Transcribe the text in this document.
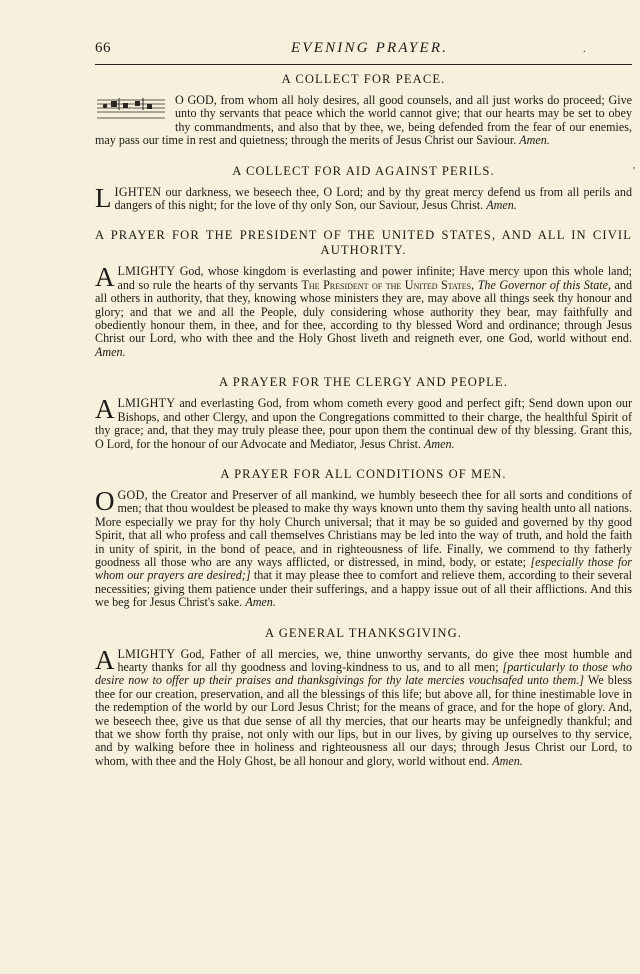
66	EVENING PRAYER.	.
A COLLECT FOR PEACE.

O GOD, from whom all holy desires, all good counsels, and all just works do proceed; Give unto thy servants that peace which the world cannot give; that our hearts may be set to obey thy commandments, and also that by thee, we, being defended from the fear of our enemies, may pass our time in rest and quietness; through the merits of Jesus Christ our Saviour. Amen.

A COLLECT FOR AID AGAINST PERILS.	'

L IGHTEN our darkness, we beseech thee, O Lord; and by thy great mercy defend us from all perils and dangers of this night; for the love of thy only Son, our Saviour, Jesus Christ. Amen.

A PRAYER FOR THE PRESIDENT OF THE UNITED STATES, AND ALL IN CIVIL AUTHORITY.

A LMIGHTY God, whose kingdom is everlasting and power infinite; Have mercy upon this whole land; and so rule the hearts of thy servants The President of the United States, The Governor of this State, and all others in authority, that they, knowing whose ministers they are, may above all things seek thy honour and glory; and that we and all the People, duly considering whose authority they bear, may faithfully and obediently honour them, in thee, and for thee, according to thy blessed Word and ordinance; through Jesus Christ our Lord, who with thee and the Holy Ghost liveth and reigneth ever, one God, world without end. Amen.

A PRAYER FOR THE CLERGY AND PEOPLE.

A LMIGHTY and everlasting God, from whom cometh every good and perfect gift; Send down upon our Bishops, and other Clergy, and upon the Congregations committed to their charge, the healthful Spirit of thy grace; and, that they may truly please thee, pour upon them the continual dew of thy blessing. Grant this, O Lord, for the honour of our Advocate and Mediator, Jesus Christ. Amen.

A PRAYER FOR ALL CONDITIONS OF MEN.

O GOD, the Creator and Preserver of all mankind, we humbly beseech thee for all sorts and conditions of men; that thou wouldest be pleased to make thy ways known unto them thy saving health unto all nations. More especially we pray for thy holy Church universal; that it may be so guided and governed by thy good Spirit, that all who profess and call themselves Christians may be led into the way of truth, and hold the faith in unity of spirit, in the bond of peace, and in righteousness of life. Finally, we commend to thy fatherly goodness all those who are any ways afflicted, or distressed, in mind, body, or estate; [especially those for whom our prayers are desired;] that it may please thee to comfort and relieve them, according to their several necessities; giving them patience under their sufferings, and a happy issue out of all their afflictions. And this we beg for Jesus Christ's sake. Amen.

A GENERAL THANKSGIVING.

A LMIGHTY God, Father of all mercies, we, thine unworthy servants, do give thee most humble and hearty thanks for all thy goodness and loving-kindness to us, and to all men; [particularly to those who desire now to offer up their praises and thanksgivings for thy late mercies vouchsafed unto them.] We bless thee for our creation, preservation, and all the blessings of this life; but above all, for thine inestimable love in the redemption of the world by our Lord Jesus Christ; for the means of grace, and for the hope of glory. And, we beseech thee, give us that due sense of all thy mercies, that our hearts may be unfeignedly thankful; and that we show forth thy praise, not only with our lips, but in our lives, by giving up ourselves to thy service, and by walking before thee in holiness and righteousness all our days; through Jesus Christ our Lord, to whom, with thee and the Holy Ghost, be all honour and glory, world without end. Amen.
